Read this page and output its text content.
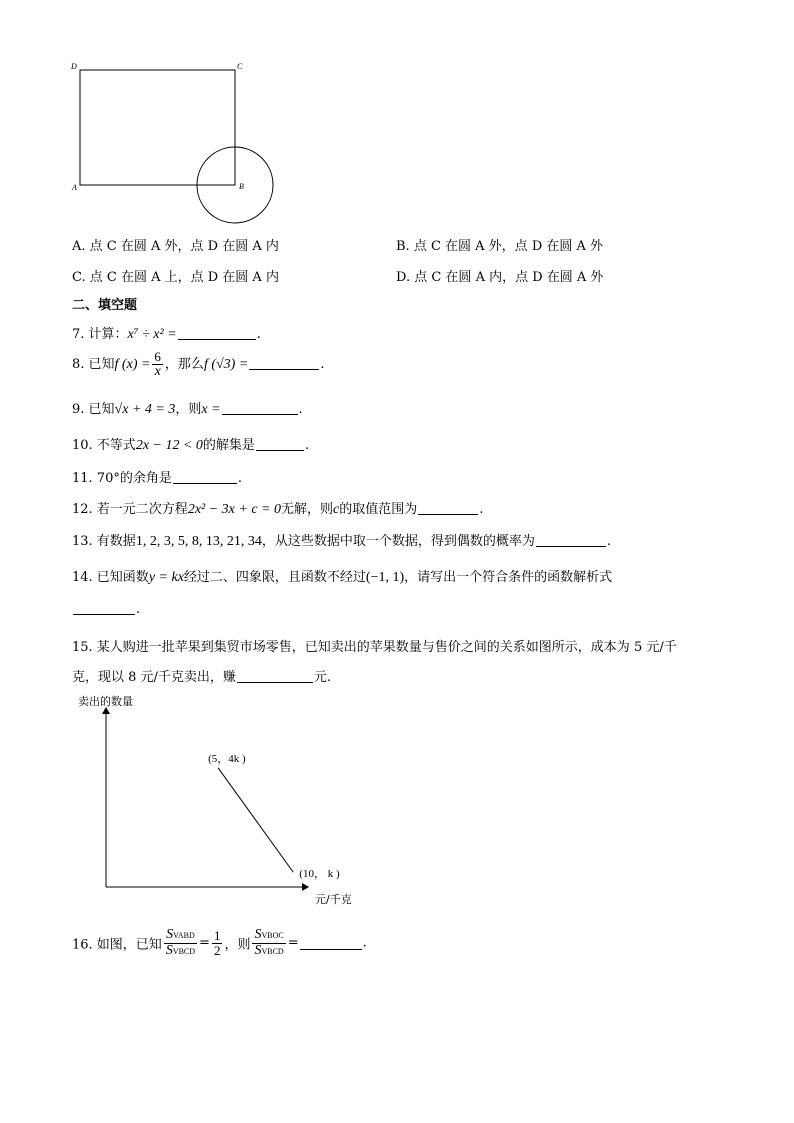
D	C
A	B
A. 点 C 在圆 A 外，点 D 在圆 A 内	B. 点 C 在圆 A 外，点 D 在圆 A 外
C. 点 C 在圆 A 上，点 D 在圆 A 内	D. 点 C 在圆 A 内，点 D 在圆 A 外
二、填空题
7. 计算：x⁷ ÷ x² =	.
8. 已知f $(x) = \frac{6}{x}$ ，那么f (√3) =	.
9. 已知√x + 4 = 3，则x =	.
10. 不等式2x − 12 < 0的解集是	.
11. 70°的余角是	.
12. 若一元二次方程2x² − 3x + c = 0无解，则c的取值范围为	.
13. 有数据1, 2, 3, 5, 8, 13, 21, 34，从这些数据中取一个数据，得到偶数的概率为	.
14. 已知函数y = kx经过二、四象限，且函数不经过(−1, 1)，请写出一个符合条件的函数解析式
.
15. 某人购进一批苹果到集贸市场零售，已知卖出的苹果数量与售价之间的关系如图所示，成本为 5 元/千
克，现以 8 元/千克卖出，赚	元.
卖出的数量
元/千克
(5，4k )
(10， k )
16. 如图，已知 $\frac{\text{SVABD}}{\text{SVBCD}} = \frac{1}{2}$ ，则 $\frac{\text{SVBOC}}{\text{SVBCD}}$ =	.
